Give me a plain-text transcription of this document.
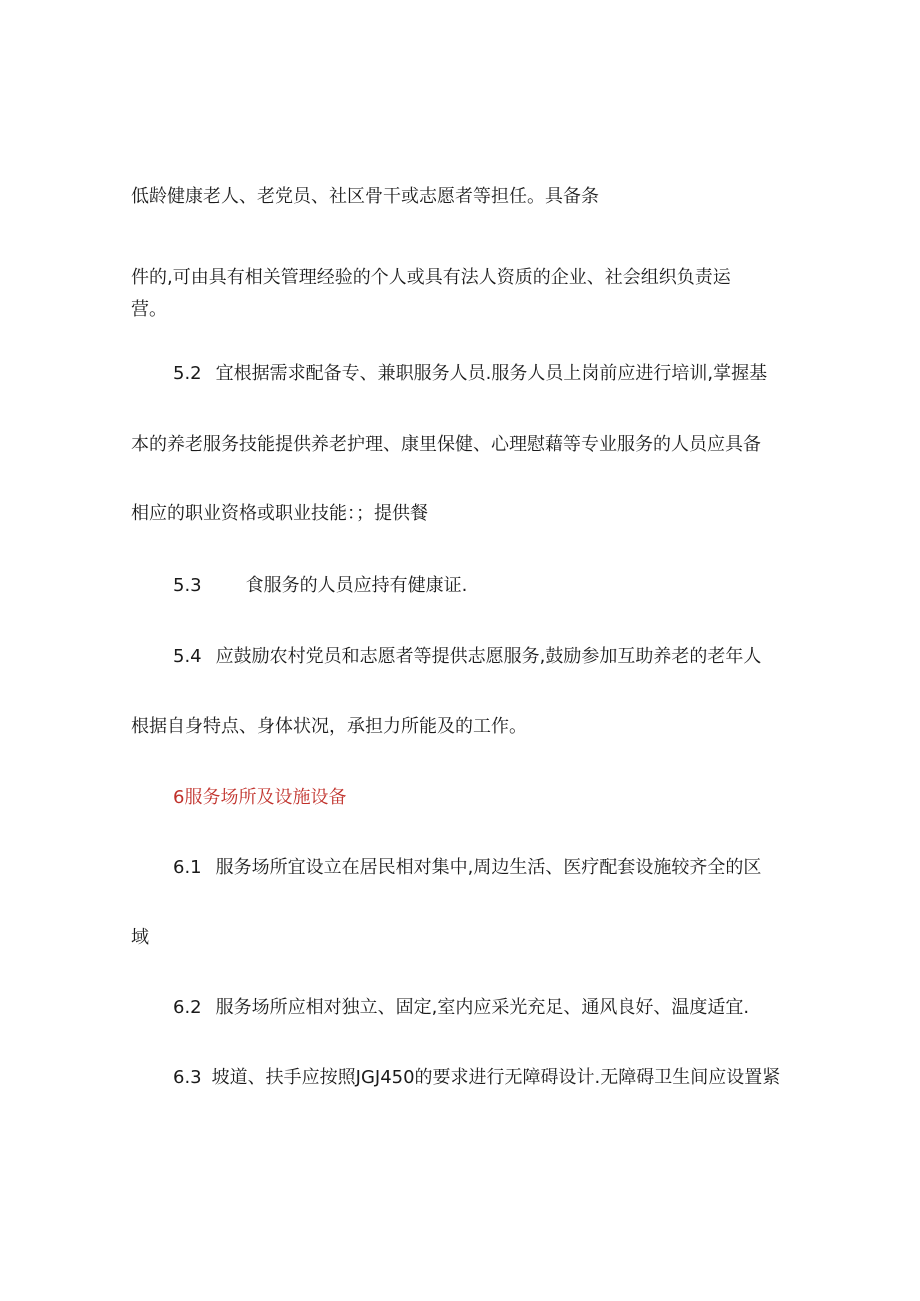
低龄健康老人、老党员、社区骨干或志愿者等担任。具备条
件的,可由具有相关管理经验的个人或具有法人资质的企业、社会组织负责运
营。
5.2 宜根据需求配备专、兼职服务人员.服务人员上岗前应进行培训,掌握基
本的养老服务技能提供养老护理、康里保健、心理慰藉等专业服务的人员应具备
相应的职业资格或职业技能：；提供餐
5.3 食服务的人员应持有健康证.
5.4 应鼓励农村党员和志愿者等提供志愿服务,鼓励参加互助养老的老年人
根据自身特点、身体状况，承担力所能及的工作。
6服务场所及设施设备
6.1 服务场所宜设立在居民相对集中,周边生活、医疗配套设施较齐全的区
域
6.2 服务场所应相对独立、固定,室内应采光充足、通风良好、温度适宜.
6.3 坡道、扶手应按照JGJ450的要求进行无障碍设计.无障碍卫生间应设置紧
